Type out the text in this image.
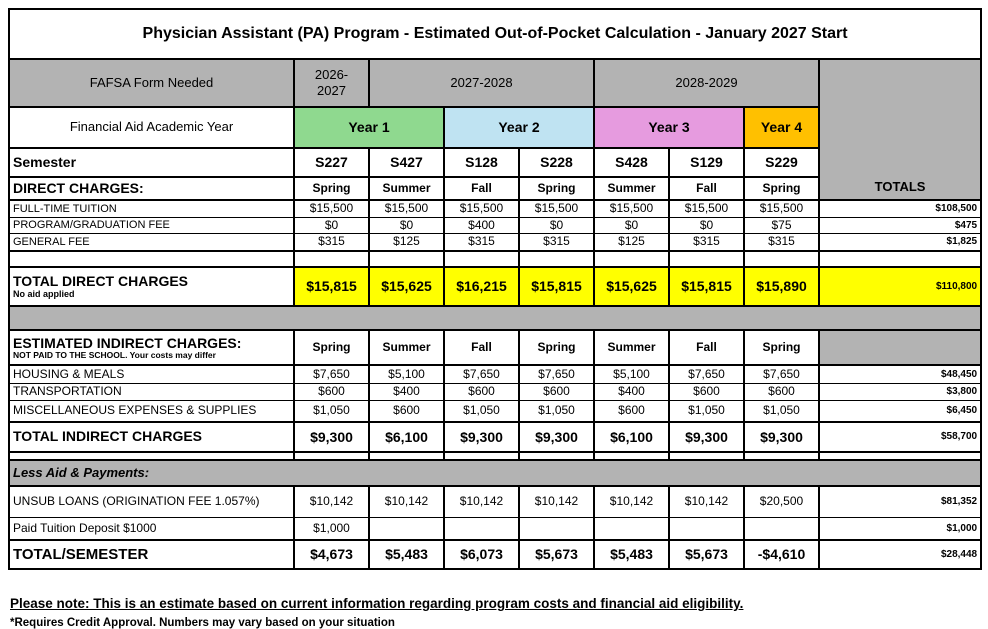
Physician Assistant (PA) Program - Estimated Out-of-Pocket Calculation - January 2027 Start								
FAFSA Form Needed	2026-2027	2027-2028			2028-2029			TOTALS
Financial Aid Academic Year	Year 1		Year 2		Year 3		Year 4	
Semester	S227	S427	S128	S228	S428	S129	S229	
DIRECT CHARGES:	Spring	Summer	Fall	Spring	Summer	Fall	Spring	
FULL-TIME TUITION	$15,500	$15,500	$15,500	$15,500	$15,500	$15,500	$15,500	$108,500
PROGRAM/GRADUATION FEE	$0	$0	$400	$0	$0	$0	$75	$475
GENERAL FEE	$315	$125	$315	$315	$125	$315	$315	$1,825

TOTAL DIRECT CHARGES
No aid applied	$15,815	$15,625	$16,215	$15,815	$15,625	$15,815	$15,890	$110,800

ESTIMATED INDIRECT CHARGES:
NOT PAID TO THE SCHOOL. Your costs may differ	Spring	Summer	Fall	Spring	Summer	Fall	Spring	
HOUSING & MEALS	$7,650	$5,100	$7,650	$7,650	$5,100	$7,650	$7,650	$48,450
TRANSPORTATION	$600	$400	$600	$600	$400	$600	$600	$3,800
MISCELLANEOUS EXPENSES & SUPPLIES	$1,050	$600	$1,050	$1,050	$600	$1,050	$1,050	$6,450
TOTAL INDIRECT CHARGES	$9,300	$6,100	$9,300	$9,300	$6,100	$9,300	$9,300	$58,700

Less Aid & Payments:								
UNSUB LOANS (ORIGINATION FEE 1.057%)	$10,142	$10,142	$10,142	$10,142	$10,142	$10,142	$20,500	$81,352
Paid Tuition Deposit $1000	$1,000							$1,000
TOTAL/SEMESTER	$4,673	$5,483	$6,073	$5,673	$5,483	$5,673	-$4,610	$28,448
Please note: This is an estimate based on current information regarding program costs and financial aid eligibility.
*Requires Credit Approval. Numbers may vary based on your situation
